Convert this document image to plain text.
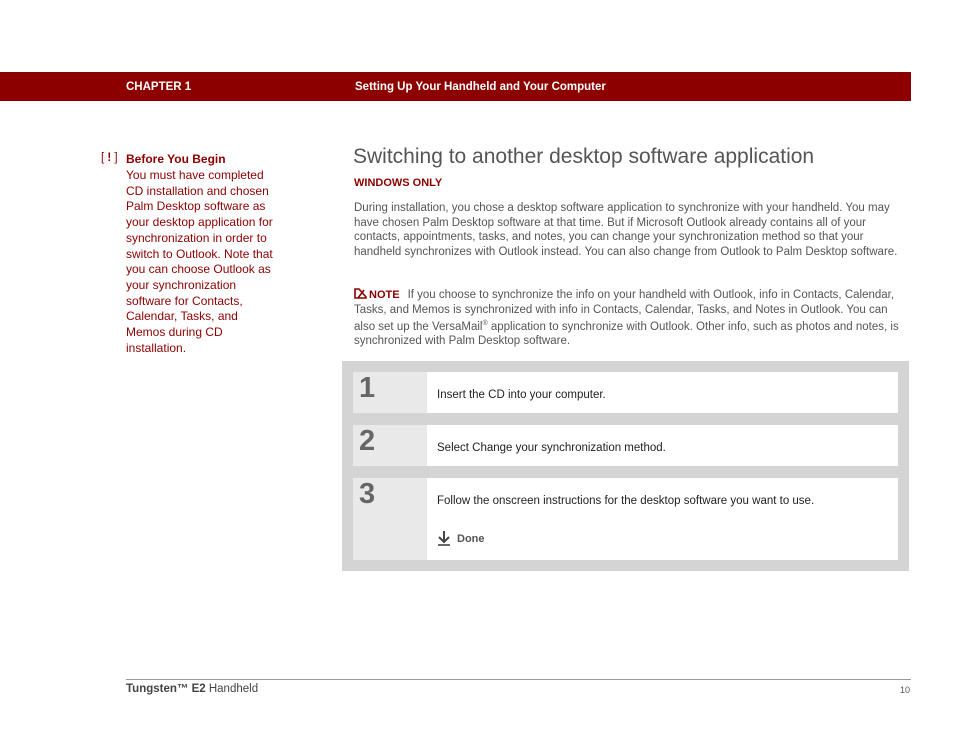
CHAPTER 1	Setting Up Your Handheld and Your Computer
[ ! ] Before You Begin
You must have completed CD installation and chosen Palm Desktop software as your desktop application for synchronization in order to switch to Outlook. Note that you can choose Outlook as your synchronization software for Contacts, Calendar, Tasks, and Memos during CD installation.
Switching to another desktop software application
WINDOWS ONLY

During installation, you chose a desktop software application to synchronize with your handheld. You may have chosen Palm Desktop software at that time. But if Microsoft Outlook already contains all of your contacts, appointments, tasks, and notes, you can change your synchronization method so that your handheld synchronizes with Outlook instead. You can also change from Outlook to Palm Desktop software.

NOTE If you choose to synchronize the info on your handheld with Outlook, info in Contacts, Calendar, Tasks, and Memos is synchronized with info in Contacts, Calendar, Tasks, and Notes in Outlook. You can also set up the VersaMail® application to synchronize with Outlook. Other info, such as photos and notes, is synchronized with Palm Desktop software.

1	Insert the CD into your computer.
2	Select Change your synchronization method.
3	Follow the onscreen instructions for the desktop software you want to use.
Done
Tungsten™ E2 Handheld	10
